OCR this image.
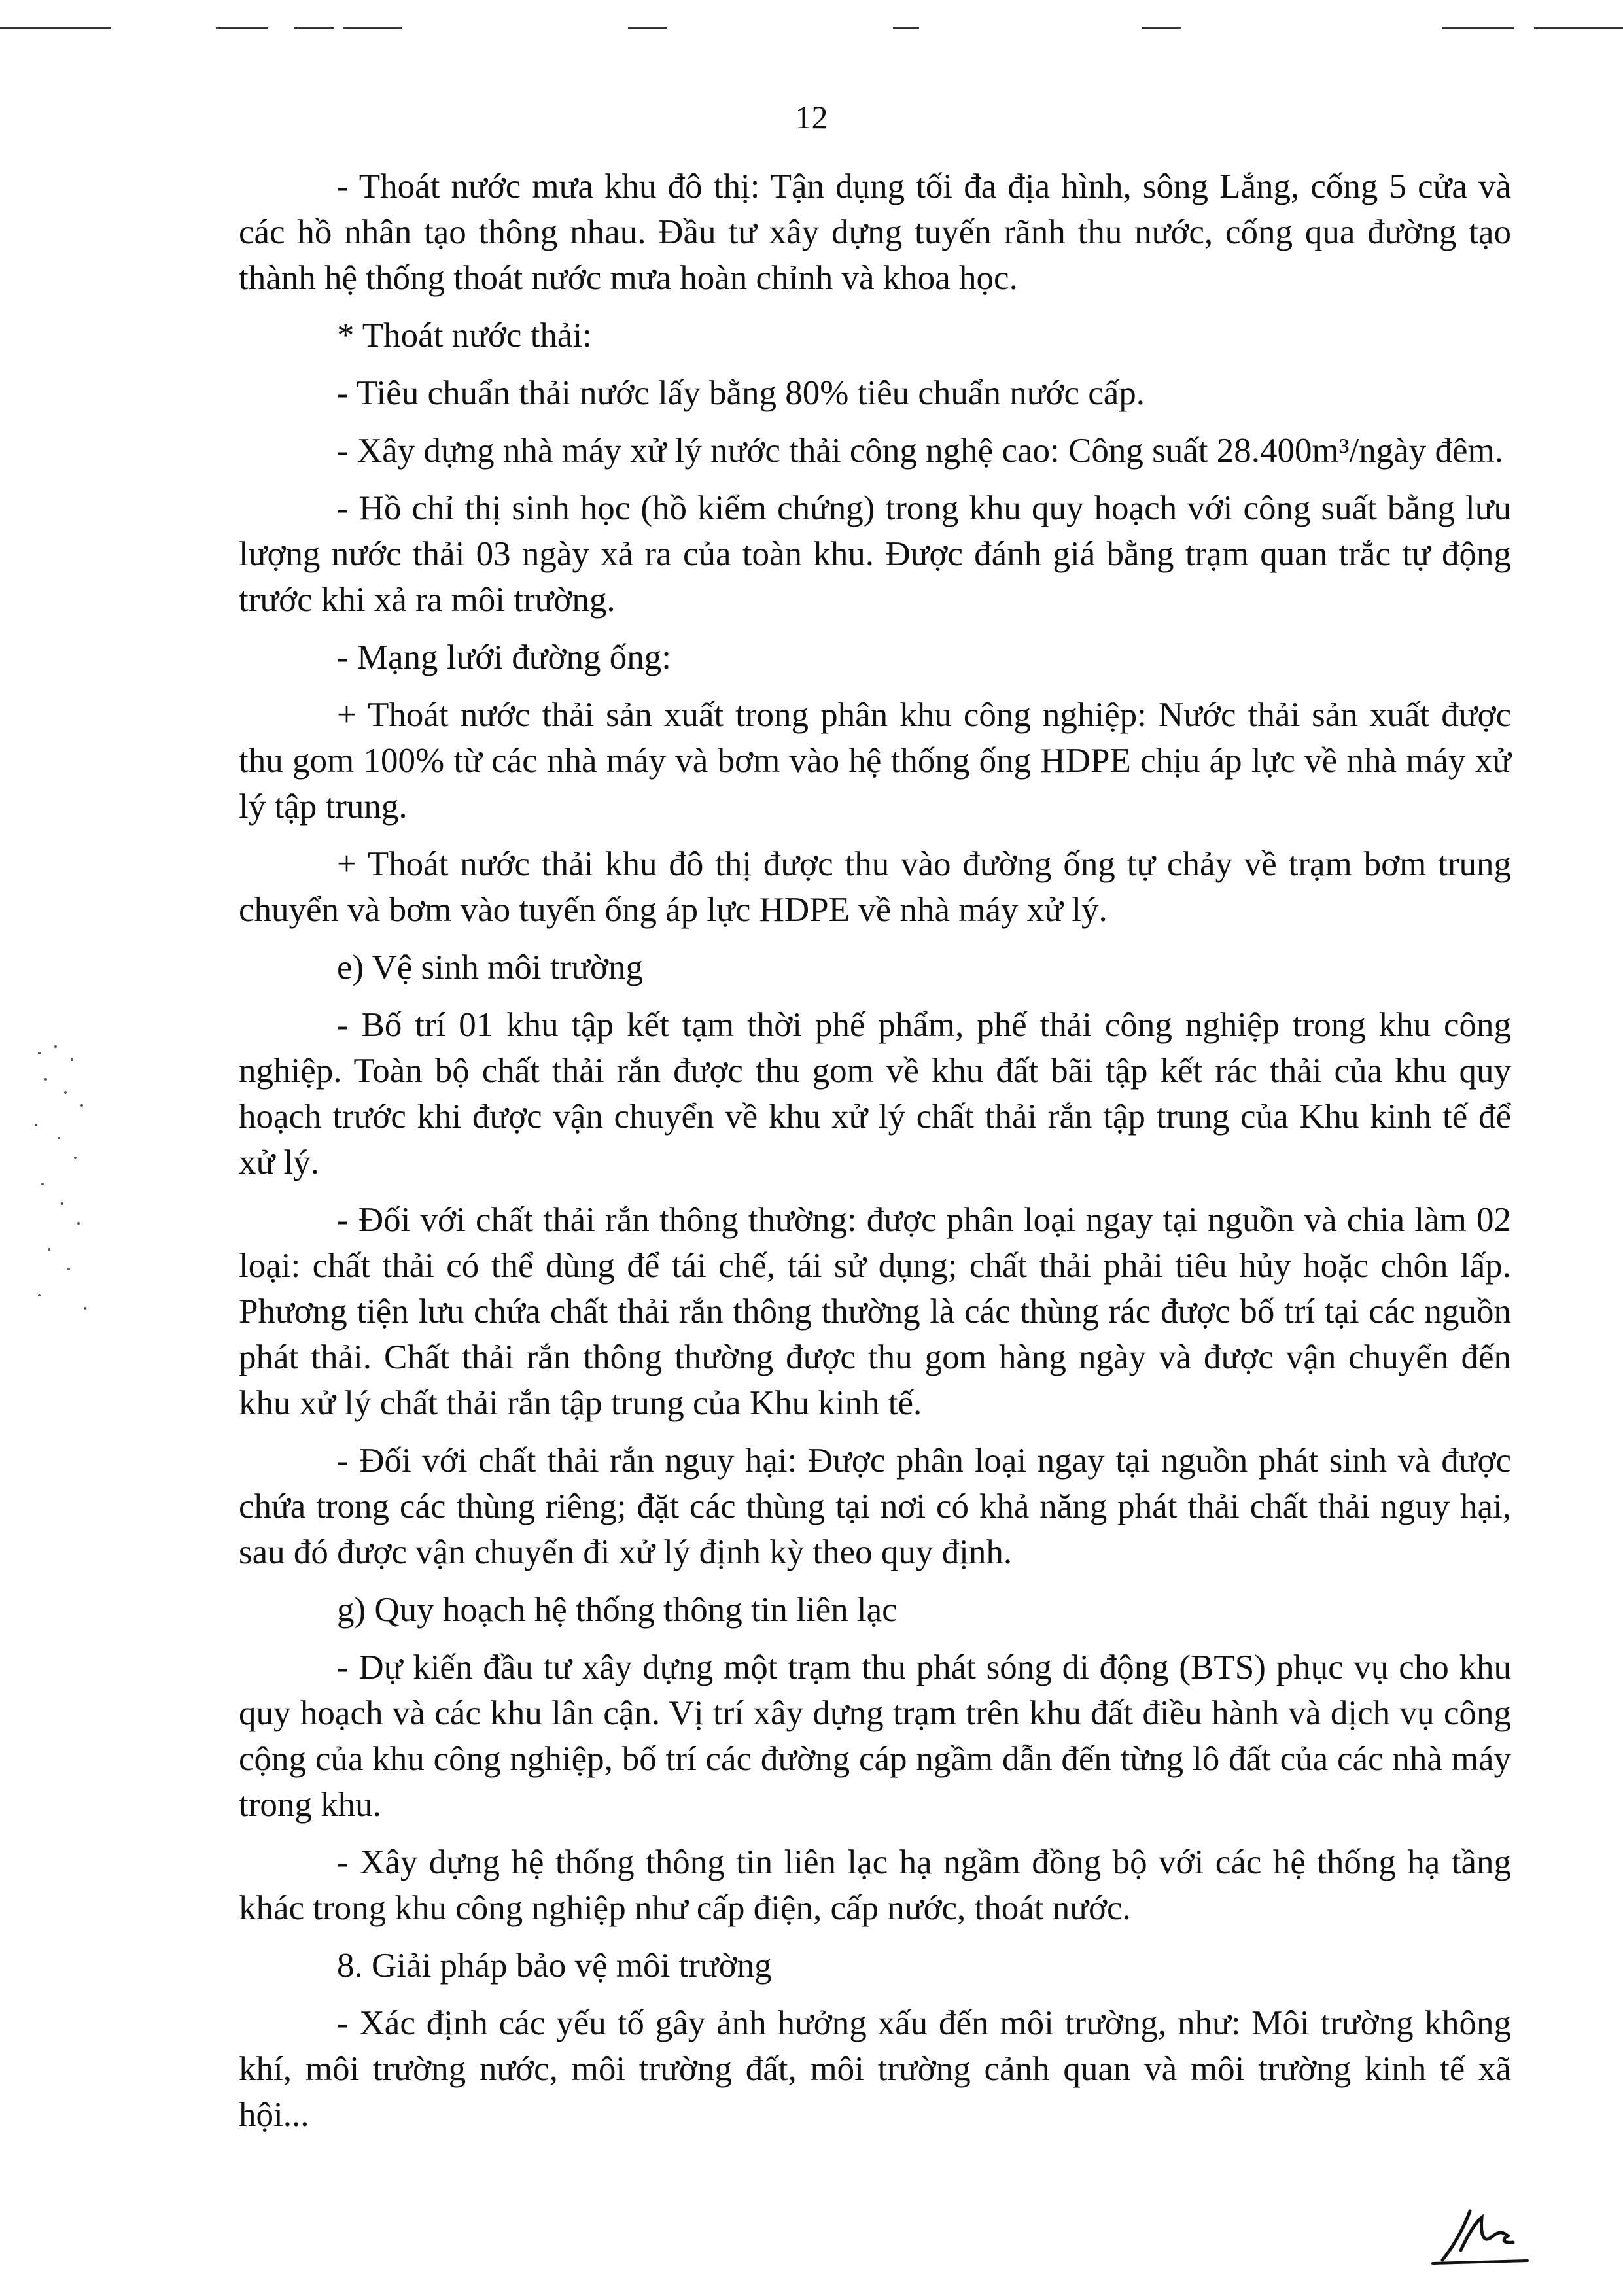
12

- Thoát nước mưa khu đô thị: Tận dụng tối đa địa hình, sông Lắng, cống 5 cửa và các hồ nhân tạo thông nhau. Đầu tư xây dựng tuyến rãnh thu nước, cống qua đường tạo thành hệ thống thoát nước mưa hoàn chỉnh và khoa học.

* Thoát nước thải:

- Tiêu chuẩn thải nước lấy bằng 80% tiêu chuẩn nước cấp.

- Xây dựng nhà máy xử lý nước thải công nghệ cao: Công suất 28.400m³/ngày đêm.

- Hồ chỉ thị sinh học (hồ kiểm chứng) trong khu quy hoạch với công suất bằng lưu lượng nước thải 03 ngày xả ra của toàn khu. Được đánh giá bằng trạm quan trắc tự động trước khi xả ra môi trường.

- Mạng lưới đường ống:

+ Thoát nước thải sản xuất trong phân khu công nghiệp: Nước thải sản xuất được thu gom 100% từ các nhà máy và bơm vào hệ thống ống HDPE chịu áp lực về nhà máy xử lý tập trung.

+ Thoát nước thải khu đô thị được thu vào đường ống tự chảy về trạm bơm trung chuyển và bơm vào tuyến ống áp lực HDPE về nhà máy xử lý.

e) Vệ sinh môi trường

- Bố trí 01 khu tập kết tạm thời phế phẩm, phế thải công nghiệp trong khu công nghiệp. Toàn bộ chất thải rắn được thu gom về khu đất bãi tập kết rác thải của khu quy hoạch trước khi được vận chuyển về khu xử lý chất thải rắn tập trung của Khu kinh tế để xử lý.

- Đối với chất thải rắn thông thường: được phân loại ngay tại nguồn và chia làm 02 loại: chất thải có thể dùng để tái chế, tái sử dụng; chất thải phải tiêu hủy hoặc chôn lấp. Phương tiện lưu chứa chất thải rắn thông thường là các thùng rác được bố trí tại các nguồn phát thải. Chất thải rắn thông thường được thu gom hàng ngày và được vận chuyển đến khu xử lý chất thải rắn tập trung của Khu kinh tế.

- Đối với chất thải rắn nguy hại: Được phân loại ngay tại nguồn phát sinh và được chứa trong các thùng riêng; đặt các thùng tại nơi có khả năng phát thải chất thải nguy hại, sau đó được vận chuyển đi xử lý định kỳ theo quy định.

g) Quy hoạch hệ thống thông tin liên lạc

- Dự kiến đầu tư xây dựng một trạm thu phát sóng di động (BTS) phục vụ cho khu quy hoạch và các khu lân cận. Vị trí xây dựng trạm trên khu đất điều hành và dịch vụ công cộng của khu công nghiệp, bố trí các đường cáp ngầm dẫn đến từng lô đất của các nhà máy trong khu.

- Xây dựng hệ thống thông tin liên lạc hạ ngầm đồng bộ với các hệ thống hạ tầng khác trong khu công nghiệp như cấp điện, cấp nước, thoát nước.

8. Giải pháp bảo vệ môi trường

- Xác định các yếu tố gây ảnh hưởng xấu đến môi trường, như: Môi trường không khí, môi trường nước, môi trường đất, môi trường cảnh quan và môi trường kinh tế xã hội...
